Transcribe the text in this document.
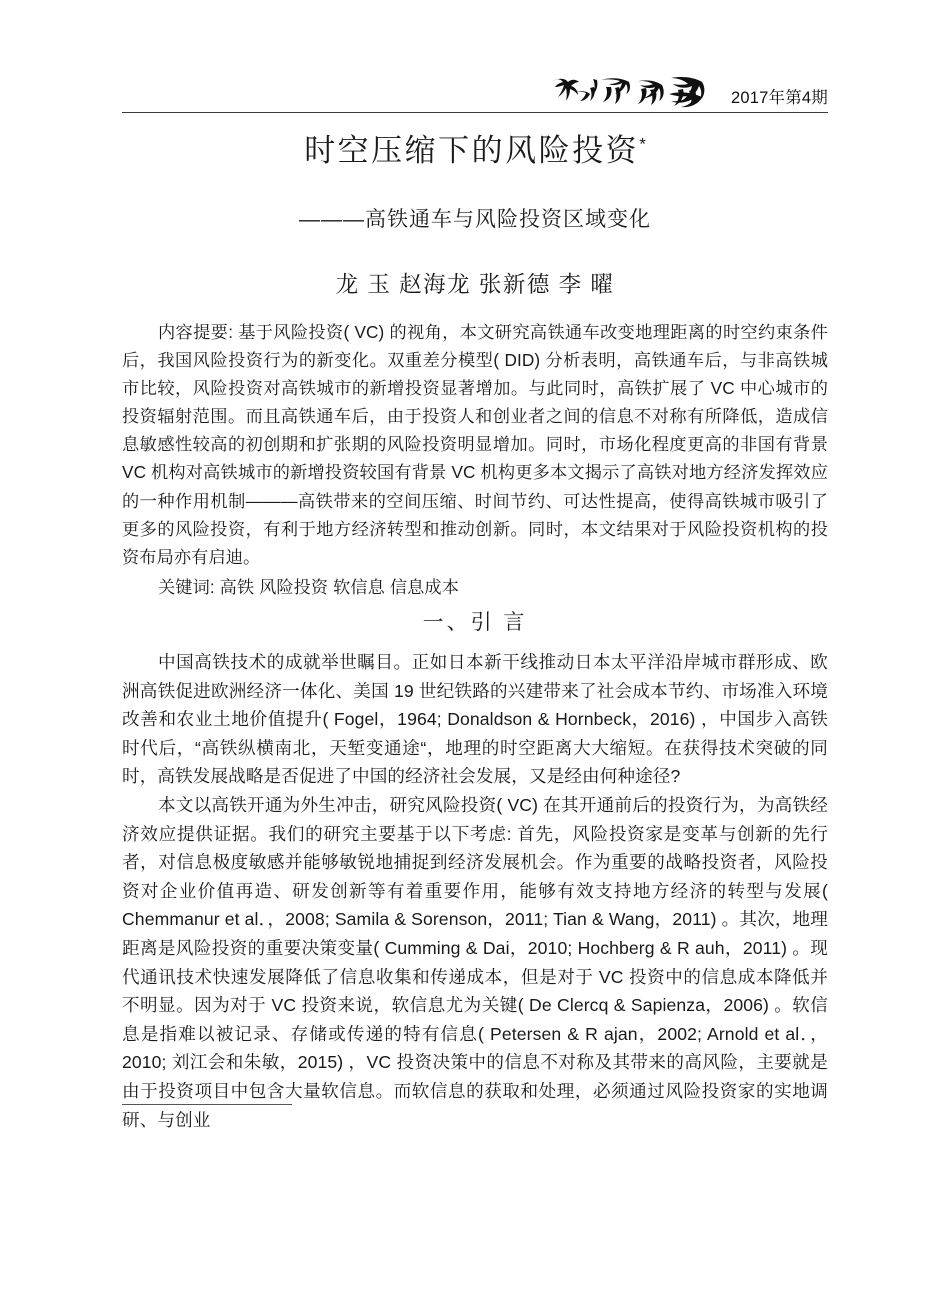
2017年第4期
时空压缩下的风险投资*
———高铁通车与风险投资区域变化

龙 玉 赵海龙 张新德 李 曜

内容提要: 基于风险投资( VC) 的视角，本文研究高铁通车改变地理距离的时空约束条件后，我国风险投资行为的新变化。双重差分模型( DID) 分析表明，高铁通车后，与非高铁城市比较，风险投资对高铁城市的新增投资显著增加。与此同时，高铁扩展了 VC 中心城市的投资辐射范围。而且高铁通车后，由于投资人和创业者之间的信息不对称有所降低，造成信息敏感性较高的初创期和扩张期的风险投资明显增加。同时，市场化程度更高的非国有背景 VC 机构对高铁城市的新增投资较国有背景 VC 机构更多本文揭示了高铁对地方经济发挥效应的一种作用机制———高铁带来的空间压缩、时间节约、可达性提高，使得高铁城市吸引了更多的风险投资，有利于地方经济转型和推动创新。同时，本文结果对于风险投资机构的投资布局亦有启迪。

关键词: 高铁 风险投资 软信息 信息成本

一、引 言

中国高铁技术的成就举世瞩目。正如日本新干线推动日本太平洋沿岸城市群形成、欧洲高铁促进欧洲经济一体化、美国 19 世纪铁路的兴建带来了社会成本节约、市场准入环境改善和农业土地价值提升( Fogel，1964; Donaldson & Hornbeck，2016) ，中国步入高铁时代后，“高铁纵横南北，天堑变通途“，地理的时空距离大大缩短。在获得技术突破的同时，高铁发展战略是否促进了中国的经济社会发展，又是经由何种途径?

本文以高铁开通为外生冲击，研究风险投资( VC) 在其开通前后的投资行为，为高铁经济效应提供证据。我们的研究主要基于以下考虑: 首先，风险投资家是变革与创新的先行者，对信息极度敏感并能够敏锐地捕捉到经济发展机会。作为重要的战略投资者，风险投资对企业价值再造、研发创新等有着重要作用，能够有效支持地方经济的转型与发展( Chemmanur et al．，2008; Samila & Sorenson，2011; Tian & Wang，2011) 。其次，地理距离是风险投资的重要决策变量( Cumming & Dai，2010; Hochberg & R auh，2011) 。现代通讯技术快速发展降低了信息收集和传递成本，但是对于 VC 投资中的信息成本降低并不明显。因为对于 VC 投资来说，软信息尤为关键( De Clercq & Sapienza，2006) 。软信息是指难以被记录、存储或传递的特有信息( Petersen & R ajan，2002; Arnold et al．，2010; 刘江会和朱敏，2015) ，VC 投资决策中的信息不对称及其带来的高风险，主要就是由于投资项目中包含大量软信息。而软信息的获取和处理，必须通过风险投资家的实地调研、与创业
